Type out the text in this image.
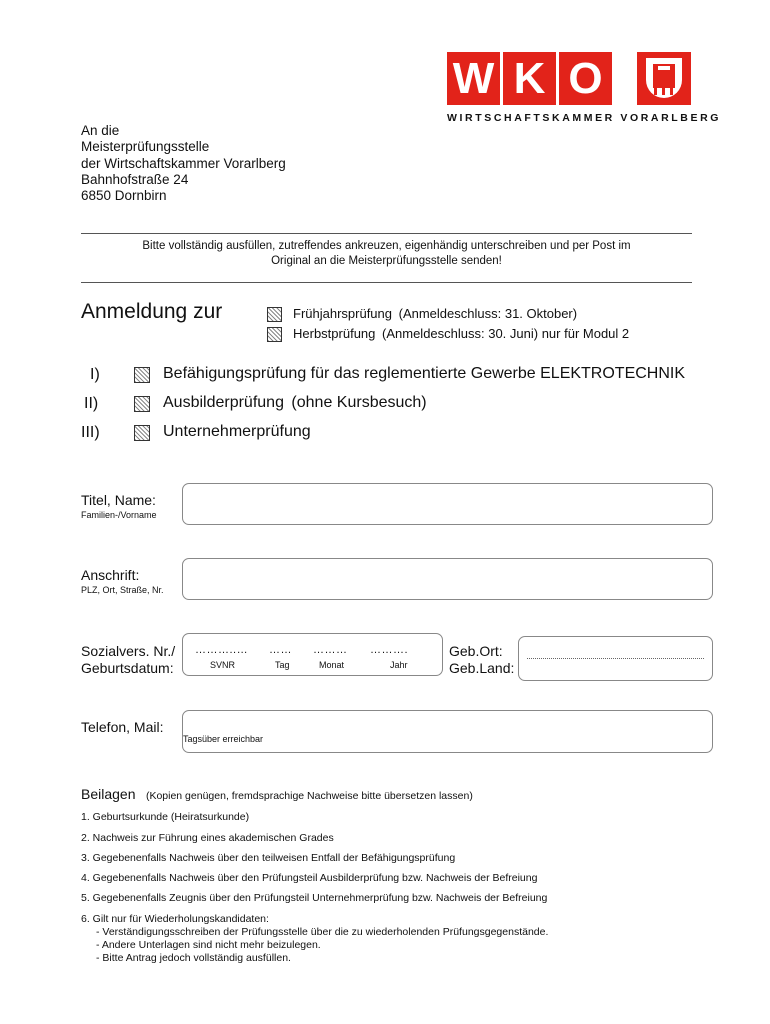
W K O
WIRTSCHAFTSKAMMER VORARLBERG
An die
Meisterprüfungsstelle
der Wirtschaftskammer Vorarlberg
Bahnhofstraße 24
6850 Dornbirn
Bitte vollständig ausfüllen, zutreffendes ankreuzen, eigenhändig unterschreiben und per Post im
Original an die Meisterprüfungsstelle senden!
Anmeldung zur	Frühjahrsprüfung (Anmeldeschluss: 31. Oktober)
Herbstprüfung (Anmeldeschluss: 30. Juni) nur für Modul 2
I)	Befähigungsprüfung für das reglementierte Gewerbe ELEKTROTECHNIK
II)	Ausbilderprüfung (ohne Kursbesuch)
III)	Unternehmerprüfung
Titel, Name:
Familien-/Vorname
Anschrift:
PLZ, Ort, Straße, Nr.
Sozialvers. Nr./
Geburtsdatum:
………..… …… ……… ……….
SVNR	Tag	Monat	Jahr
Geb.Ort:
Geb.Land:
Telefon, Mail:
Tagsüber erreichbar
Beilagen (Kopien genügen, fremdsprachige Nachweise bitte übersetzen lassen)
1. Geburtsurkunde (Heiratsurkunde)
2. Nachweis zur Führung eines akademischen Grades
3. Gegebenenfalls Nachweis über den teilweisen Entfall der Befähigungsprüfung
4. Gegebenenfalls Nachweis über den Prüfungsteil Ausbilderprüfung bzw. Nachweis der Befreiung
5. Gegebenenfalls Zeugnis über den Prüfungsteil Unternehmerprüfung bzw. Nachweis der Befreiung
6. Gilt nur für Wiederholungskandidaten:
- Verständigungsschreiben der Prüfungsstelle über die zu wiederholenden Prüfungsgegenstände.
- Andere Unterlagen sind nicht mehr beizulegen.
- Bitte Antrag jedoch vollständig ausfüllen.
